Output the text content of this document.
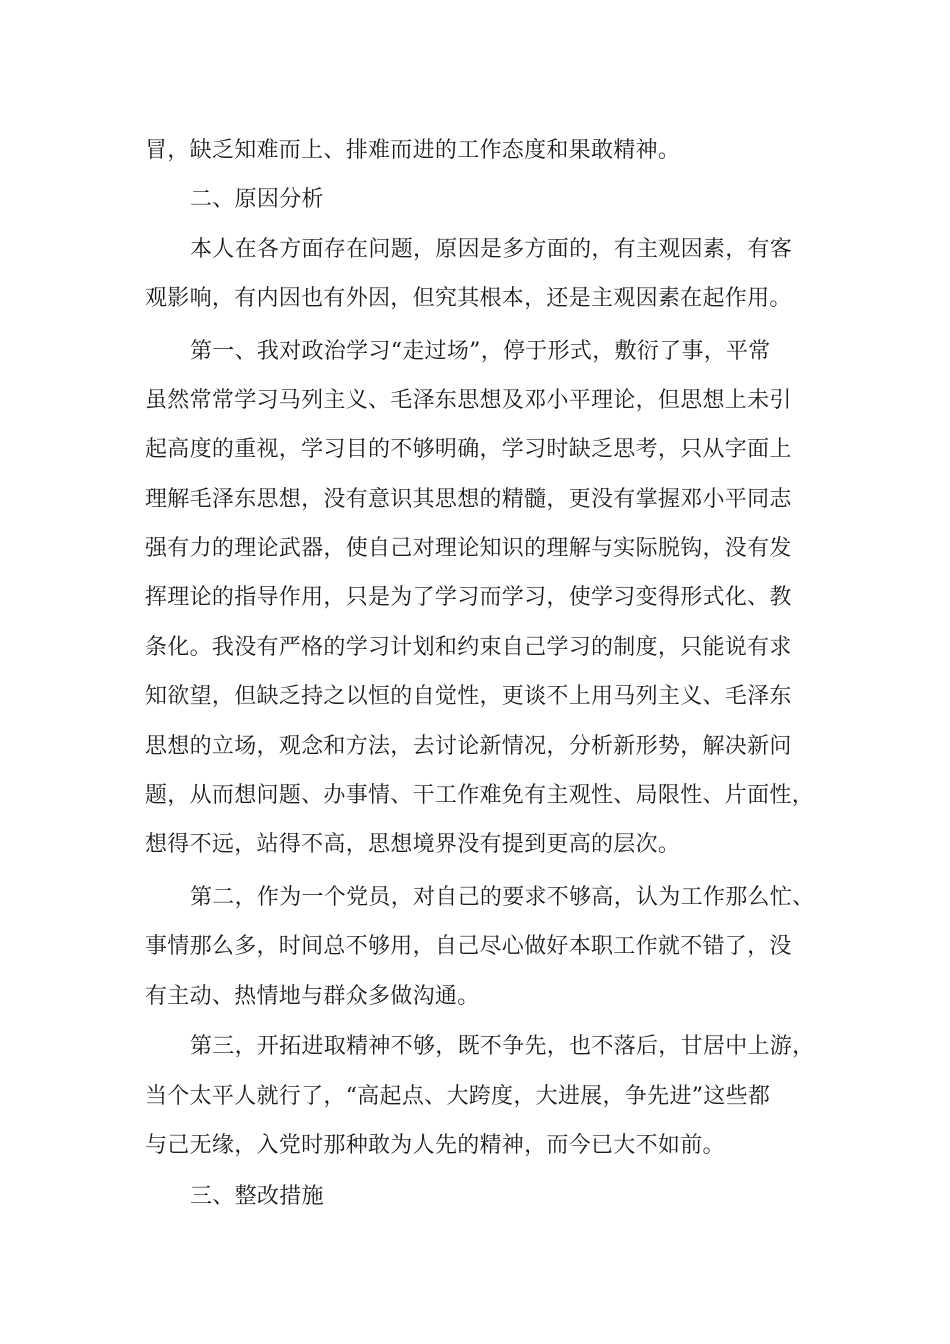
冒，缺乏知难而上、排难而进的工作态度和果敢精神。
二、原因分析
本人在各方面存在问题，原因是多方面的，有主观因素，有客
观影响，有内因也有外因，但究其根本，还是主观因素在起作用。
第一、我对政治学习“走过场”，停于形式，敷衍了事，平常
虽然常常学习马列主义、毛泽东思想及邓小平理论，但思想上未引
起高度的重视，学习目的不够明确，学习时缺乏思考，只从字面上
理解毛泽东思想，没有意识其思想的精髓，更没有掌握邓小平同志
强有力的理论武器，使自己对理论知识的理解与实际脱钩，没有发
挥理论的指导作用，只是为了学习而学习，使学习变得形式化、教
条化。我没有严格的学习计划和约束自己学习的制度，只能说有求
知欲望，但缺乏持之以恒的自觉性，更谈不上用马列主义、毛泽东
思想的立场，观念和方法，去讨论新情况，分析新形势，解决新问
题，从而想问题、办事情、干工作难免有主观性、局限性、片面性，
想得不远，站得不高，思想境界没有提到更高的层次。
第二，作为一个党员，对自己的要求不够高，认为工作那么忙、
事情那么多，时间总不够用，自己尽心做好本职工作就不错了，没
有主动、热情地与群众多做沟通。
第三，开拓进取精神不够，既不争先，也不落后，甘居中上游，
当个太平人就行了，“高起点、大跨度，大进展，争先进”这些都
与己无缘，入党时那种敢为人先的精神，而今已大不如前。
三、整改措施
